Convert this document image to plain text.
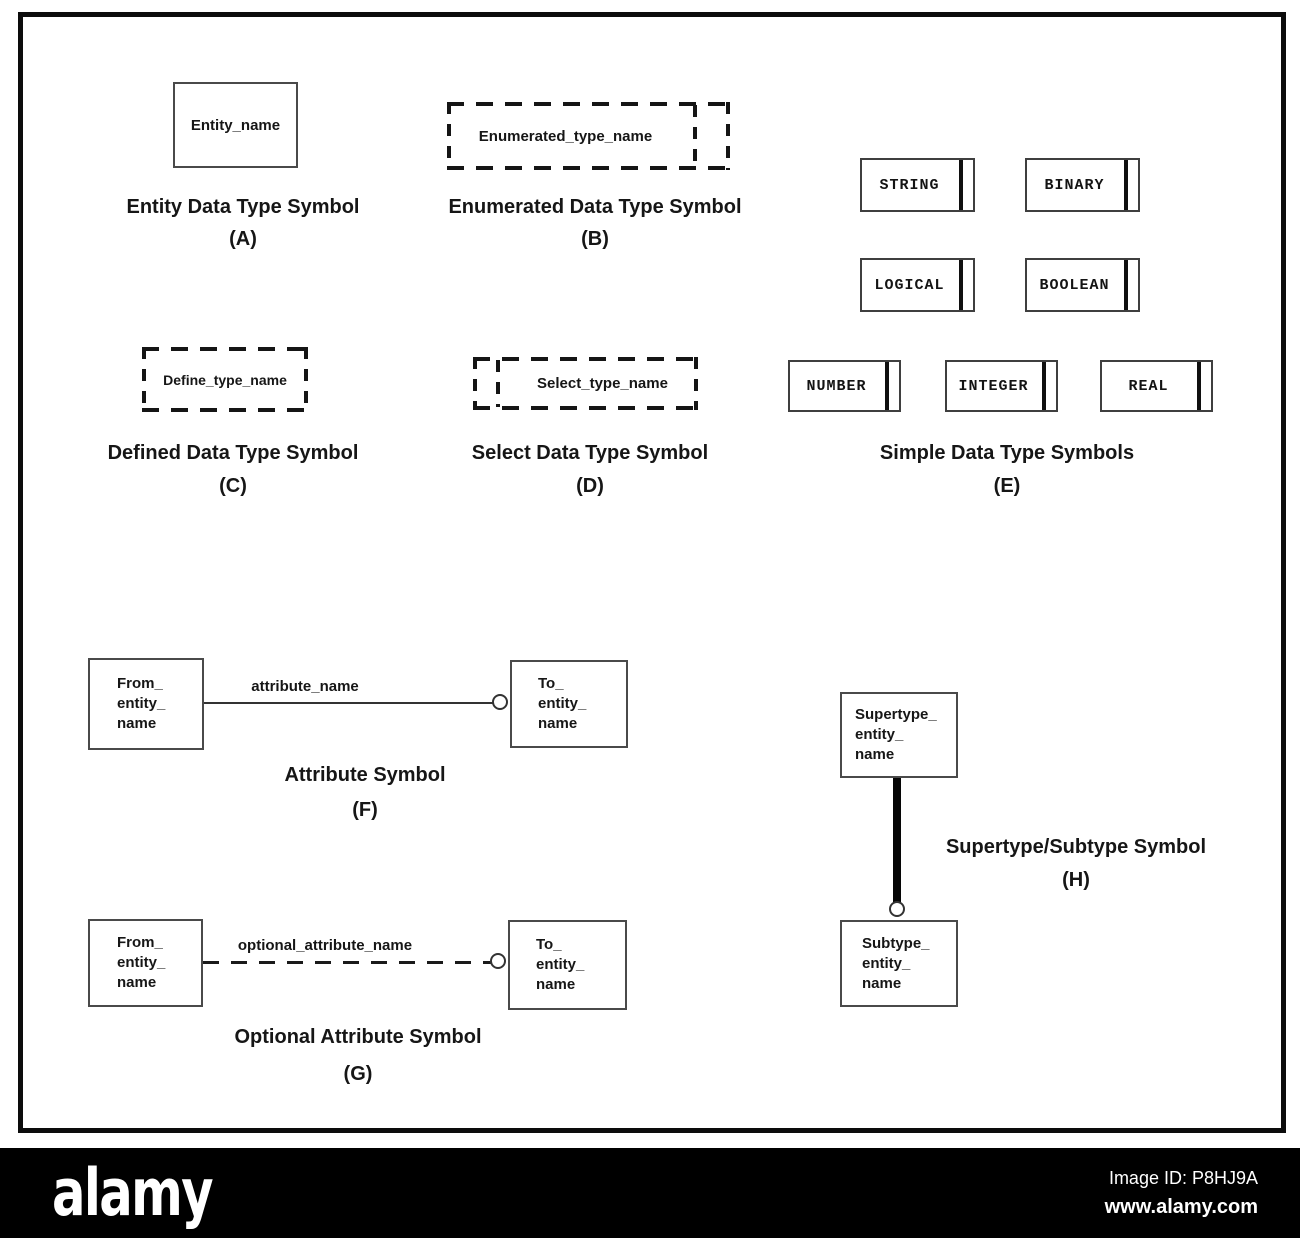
Entity_name
Entity Data Type Symbol
(A)
Enumerated_type_name
Enumerated Data Type Symbol
(B)
Define_type_name
Defined Data Type Symbol
(C)
Select_type_name
Select Data Type Symbol
(D)
STRING	BINARY
LOGICAL	BOOLEAN
NUMBER	INTEGER	REAL
Simple Data Type Symbols
(E)
From_
entity_
name
attribute_name	To_
entity_
name
Attribute Symbol
(F)
From_
entity_
name
optional_attribute_name	To_
entity_
name
Optional Attribute Symbol
(G)
Supertype_
entity_
name
Subtype_
entity_
name
Supertype/Subtype Symbol
(H)
alamy	Image ID: P8HJ9A
www.alamy.com
